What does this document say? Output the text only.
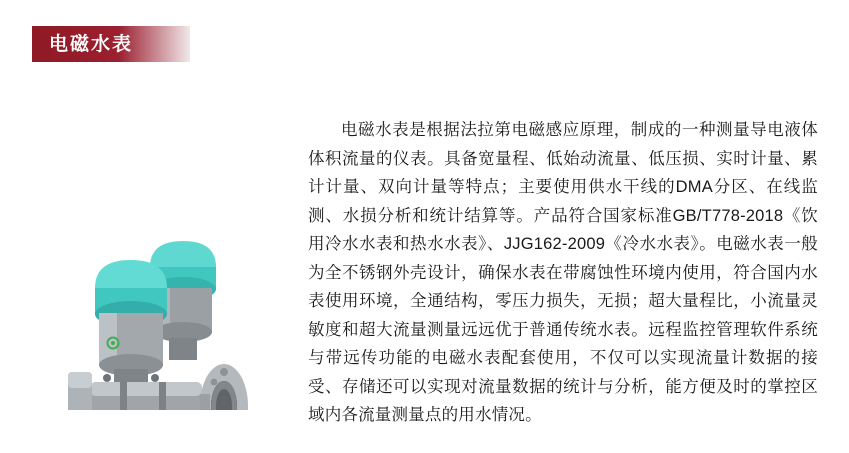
电磁水表

电磁水表是根据法拉第电磁感应原理，制成的一种测量导电液体体积流量的仪表。具备宽量程、低始动流量、低压损、实时计量、累计计量、双向计量等特点；主要使用供水干线的DMA分区、在线监测、水损分析和统计结算等。产品符合国家标准GB/T778-2018《饮用冷水水表和热水水表》、JJG162-2009《冷水水表》。电磁水表一般为全不锈钢外壳设计，确保水表在带腐蚀性环境内使用，符合国内水表使用环境，全通结构，零压力损失，无损；超大量程比，小流量灵敏度和超大流量测量远远优于普通传统水表。远程监控管理软件系统与带远传功能的电磁水表配套使用，不仅可以实现流量计数据的接受、存储还可以实现对流量数据的统计与分析，能方便及时的掌控区域内各流量测量点的用水情况。
